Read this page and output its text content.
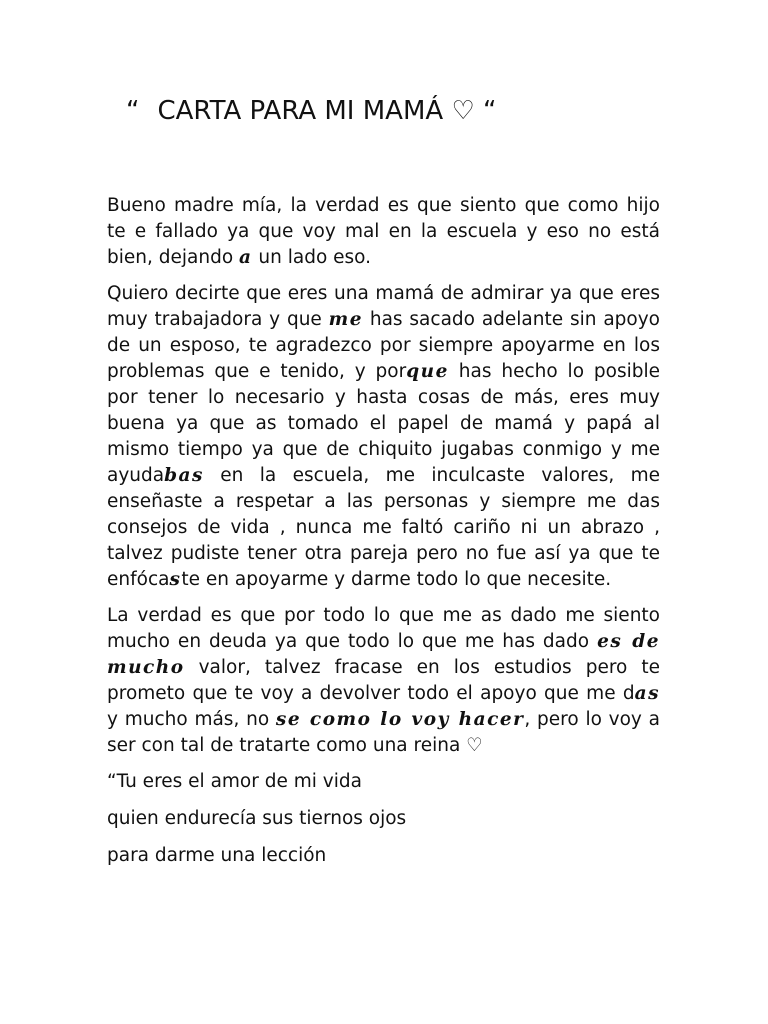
“ CARTA PARA MI MAMÁ ♡ “

Bueno madre mía, la verdad es que siento que como hijo te e fallado ya que voy mal en la escuela y eso no está bien, dejando a un lado eso.

Quiero decirte que eres una mamá de admirar ya que eres muy trabajadora y que me has sacado adelante sin apoyo de un esposo, te agradezco por siempre apoyarme en los problemas que e tenido, y porque has hecho lo posible por tener lo necesario y hasta cosas de más, eres muy buena ya que as tomado el papel de mamá y papá al mismo tiempo ya que de chiquito jugabas conmigo y me ayudabas en la escuela, me inculcaste valores, me enseñaste a respetar a las personas y siempre me das consejos de vida , nunca me faltó cariño ni un abrazo , talvez pudiste tener otra pareja pero no fue así ya que te enfócaste en apoyarme y darme todo lo que necesite.

La verdad es que por todo lo que me as dado me siento mucho en deuda ya que todo lo que me has dado es de mucho valor, talvez fracase en los estudios pero te prometo que te voy a devolver todo el apoyo que me das y mucho más, no se como lo voy hacer, pero lo voy a ser con tal de tratarte como una reina ♡

“Tu eres el amor de mi vida

quien endurecía sus tiernos ojos

para darme una lección
